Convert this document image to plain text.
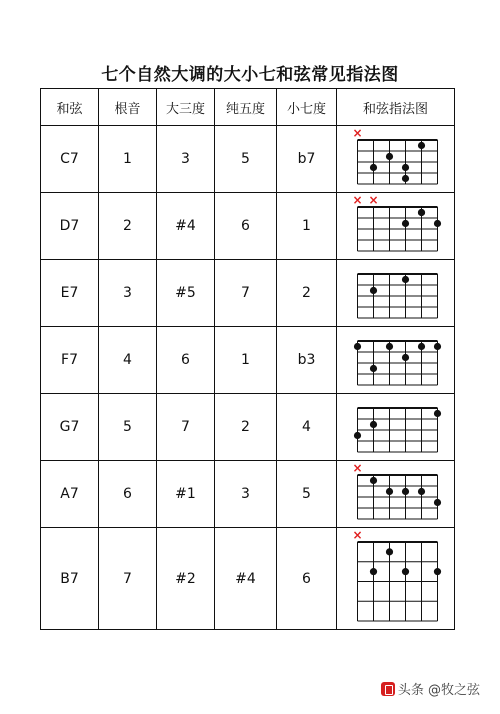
七个自然大调的大小七和弦常见指法图
和弦	根音	大三度	纯五度	小七度	和弦指法图
C7	1	3	5	b7	×

D7	2	#4	6	1	× ×

E7	3	#5	7	2	

F7	4	6	1	b3	

G7	5	7	2	4	

A7	6	#1	3	5	×

B7	7	#2	#4	6	×
头条 @牧之弦
